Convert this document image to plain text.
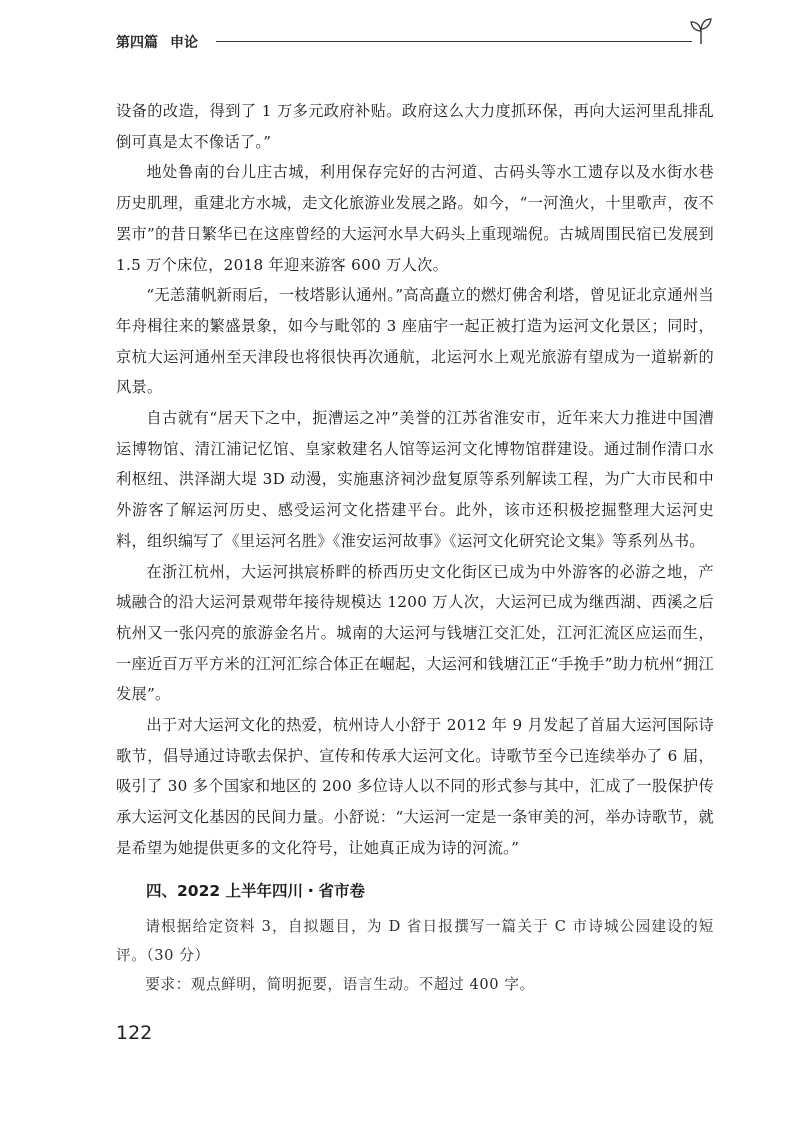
第四篇 申论

设备的改造，得到了 1 万多元政府补贴。政府这么大力度抓环保，再向大运河里乱排乱倒可真是太不像话了。”

地处鲁南的台儿庄古城，利用保存完好的古河道、古码头等水工遗存以及水街水巷历史肌理，重建北方水城，走文化旅游业发展之路。如今，“一河渔火，十里歌声，夜不罢市”的昔日繁华已在这座曾经的大运河水旱大码头上重现端倪。古城周围民宿已发展到 1.5 万个床位，2018 年迎来游客 600 万人次。

“无恙蒲帆新雨后，一枝塔影认通州。”高高矗立的燃灯佛舍利塔，曾见证北京通州当年舟楫往来的繁盛景象，如今与毗邻的 3 座庙宇一起正被打造为运河文化景区；同时，京杭大运河通州至天津段也将很快再次通航，北运河水上观光旅游有望成为一道崭新的风景。

自古就有“居天下之中，扼漕运之冲”美誉的江苏省淮安市，近年来大力推进中国漕运博物馆、清江浦记忆馆、皇家敕建名人馆等运河文化博物馆群建设。通过制作清口水利枢纽、洪泽湖大堤 3D 动漫，实施惠济祠沙盘复原等系列解读工程，为广大市民和中外游客了解运河历史、感受运河文化搭建平台。此外，该市还积极挖掘整理大运河史料，组织编写了《里运河名胜》《淮安运河故事》《运河文化研究论文集》等系列丛书。

在浙江杭州，大运河拱宸桥畔的桥西历史文化街区已成为中外游客的必游之地，产城融合的沿大运河景观带年接待规模达 1200 万人次，大运河已成为继西湖、西溪之后杭州又一张闪亮的旅游金名片。城南的大运河与钱塘江交汇处，江河汇流区应运而生，一座近百万平方米的江河汇综合体正在崛起，大运河和钱塘江正“手挽手”助力杭州“拥江发展”。

出于对大运河文化的热爱，杭州诗人小舒于 2012 年 9 月发起了首届大运河国际诗歌节，倡导通过诗歌去保护、宣传和传承大运河文化。诗歌节至今已连续举办了 6 届，吸引了 30 多个国家和地区的 200 多位诗人以不同的形式参与其中，汇成了一股保护传承大运河文化基因的民间力量。小舒说：“大运河一定是一条审美的河，举办诗歌节，就是希望为她提供更多的文化符号，让她真正成为诗的河流。”

四、2022 上半年四川・省市卷

请根据给定资料 3，自拟题目，为 D 省日报撰写一篇关于 C 市诗城公园建设的短评。（30 分）

要求：观点鲜明，简明扼要，语言生动。不超过 400 字。

122
